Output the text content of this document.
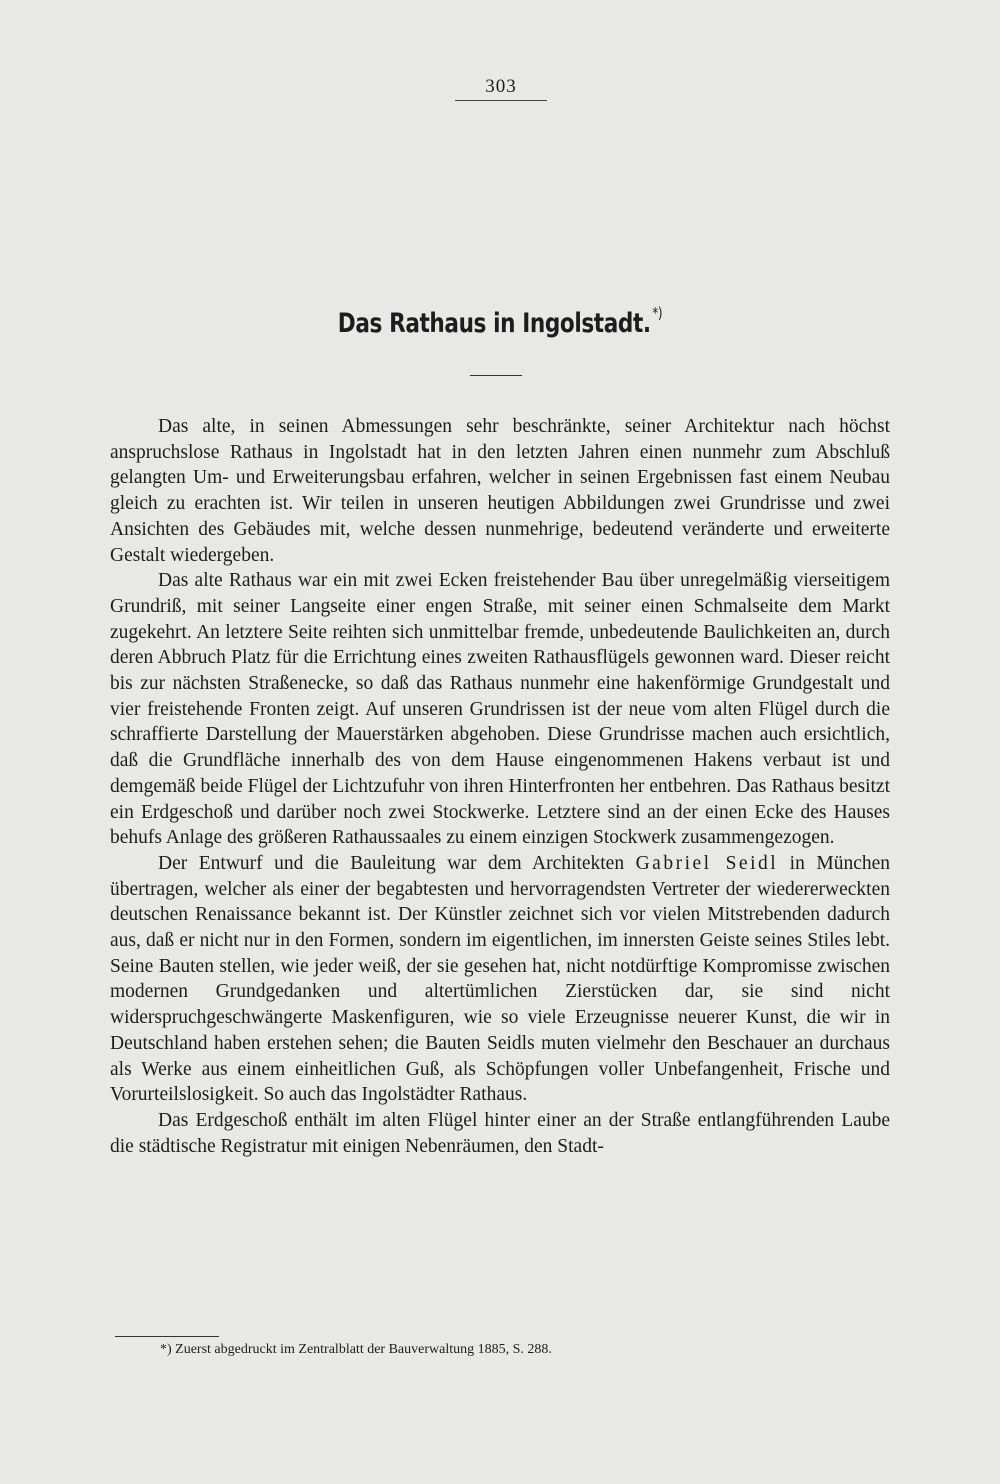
303
Das Rathaus in Ingolstadt. *)

Das alte, in seinen Abmessungen sehr beschränkte, seiner Architektur nach höchst anspruchslose Rathaus in Ingolstadt hat in den letzten Jahren einen nunmehr zum Abschluß gelangten Um- und Erweiterungsbau erfahren, welcher in seinen Ergebnissen fast einem Neubau gleich zu erachten ist. Wir teilen in unseren heutigen Abbildungen zwei Grundrisse und zwei Ansichten des Gebäudes mit, welche dessen nunmehrige, bedeutend veränderte und erweiterte Gestalt wiedergeben.

Das alte Rathaus war ein mit zwei Ecken freistehender Bau über unregelmäßig vierseitigem Grundriß, mit seiner Langseite einer engen Straße, mit seiner einen Schmalseite dem Markt zugekehrt. An letztere Seite reihten sich unmittelbar fremde, unbedeutende Baulichkeiten an, durch deren Abbruch Platz für die Errichtung eines zweiten Rathausflügels gewonnen ward. Dieser reicht bis zur nächsten Straßenecke, so daß das Rathaus nunmehr eine hakenförmige Grundgestalt und vier freistehende Fronten zeigt. Auf unseren Grundrissen ist der neue vom alten Flügel durch die schraffierte Darstellung der Mauerstärken abgehoben. Diese Grundrisse machen auch ersichtlich, daß die Grundfläche innerhalb des von dem Hause eingenommenen Hakens verbaut ist und demgemäß beide Flügel der Lichtzufuhr von ihren Hinterfronten her entbehren. Das Rathaus besitzt ein Erdgeschoß und darüber noch zwei Stockwerke. Letztere sind an der einen Ecke des Hauses behufs Anlage des größeren Rathaussaales zu einem einzigen Stockwerk zusammengezogen.

Der Entwurf und die Bauleitung war dem Architekten Gabriel Seidl in München übertragen, welcher als einer der begabtesten und hervorragendsten Vertreter der wiedererweckten deutschen Renaissance bekannt ist. Der Künstler zeichnet sich vor vielen Mitstrebenden dadurch aus, daß er nicht nur in den Formen, sondern im eigentlichen, im innersten Geiste seines Stiles lebt. Seine Bauten stellen, wie jeder weiß, der sie gesehen hat, nicht notdürftige Kompromisse zwischen modernen Grundgedanken und altertümlichen Zierstücken dar, sie sind nicht widerspruchgeschwängerte Maskenfiguren, wie so viele Erzeugnisse neuerer Kunst, die wir in Deutschland haben erstehen sehen; die Bauten Seidls muten vielmehr den Beschauer an durchaus als Werke aus einem einheitlichen Guß, als Schöpfungen voller Unbefangenheit, Frische und Vorurteilslosigkeit. So auch das Ingolstädter Rathaus.

Das Erdgeschoß enthält im alten Flügel hinter einer an der Straße entlangführenden Laube die städtische Registratur mit einigen Nebenräumen, den Stadt-

*) Zuerst abgedruckt im Zentralblatt der Bauverwaltung 1885, S. 288.
